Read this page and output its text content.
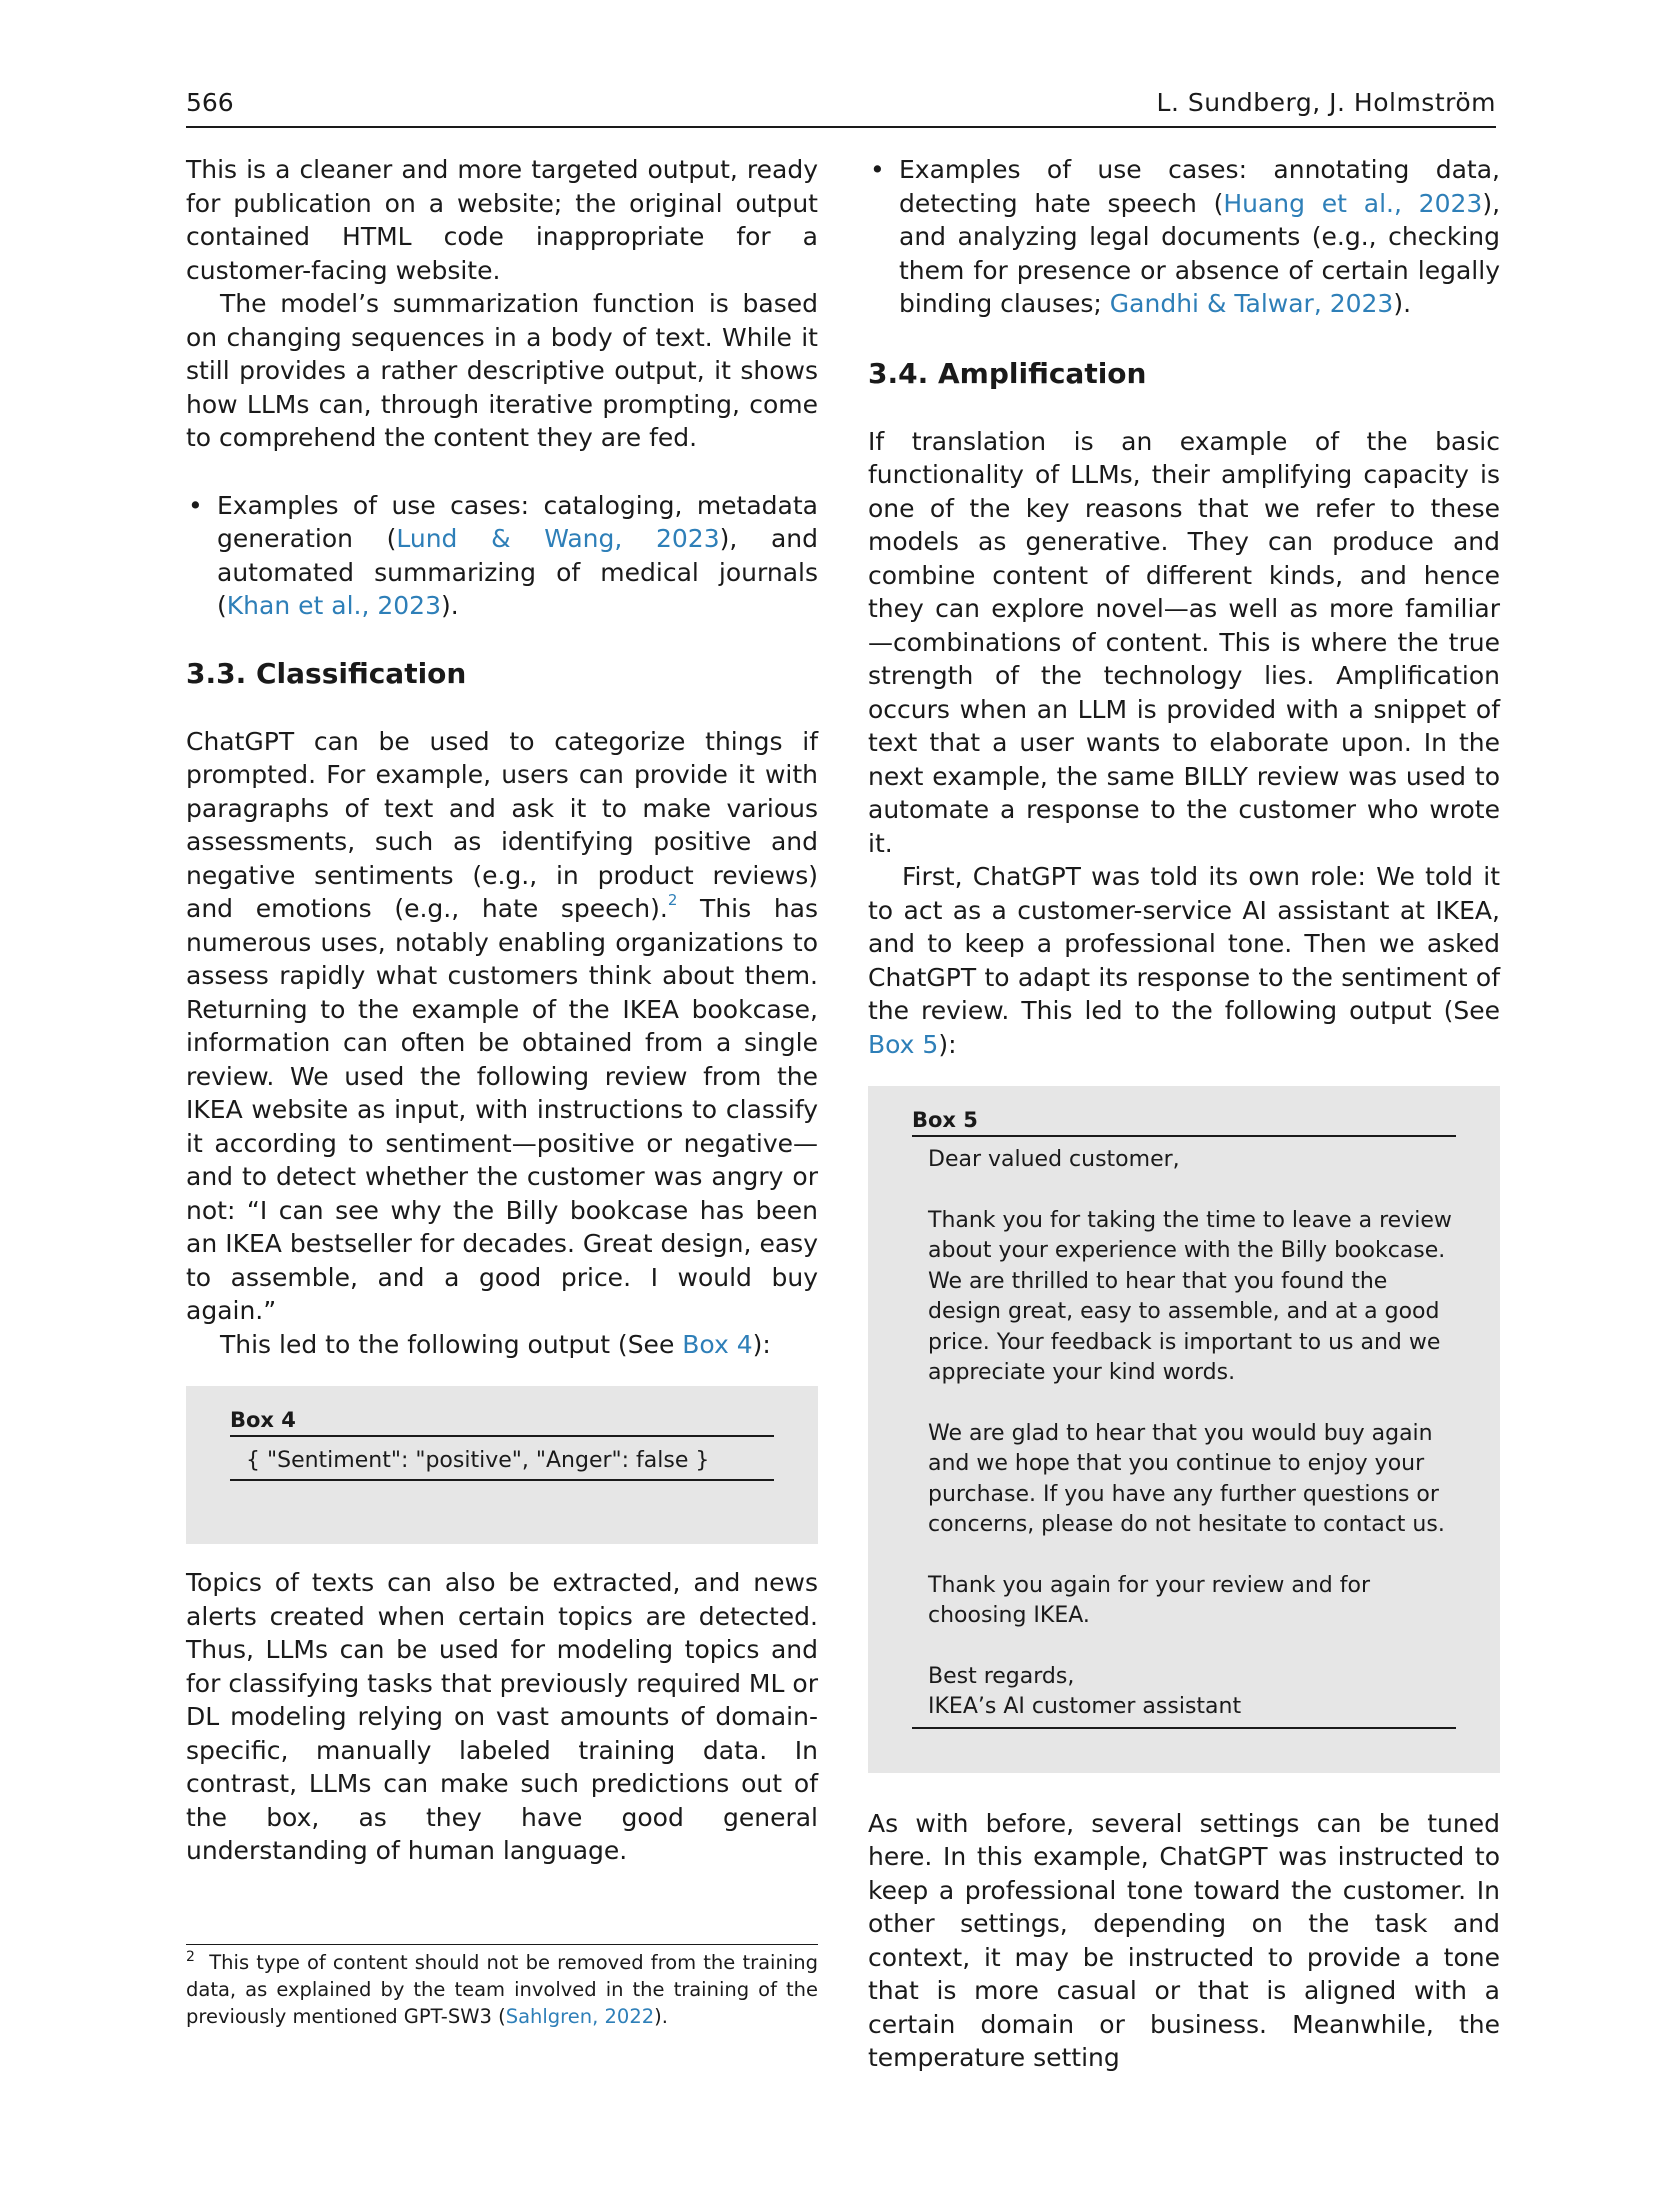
566	L. Sundberg, J. Holmström

This is a cleaner and more targeted output, ready for publication on a website; the original output contained HTML code inappropriate for a customer-facing website.

The model’s summarization function is based on changing sequences in a body of text. While it still provides a rather descriptive output, it shows how LLMs can, through iterative prompting, come to comprehend the content they are fed.

• Examples of use cases: cataloging, metadata generation (Lund & Wang, 2023), and automated summarizing of medical journals (Khan et al., 2023).

3.3. Classification

ChatGPT can be used to categorize things if prompted. For example, users can provide it with paragraphs of text and ask it to make various assessments, such as identifying positive and negative sentiments (e.g., in product reviews) and emotions (e.g., hate speech).$^2$ This has numerous uses, notably enabling organizations to assess rapidly what customers think about them. Returning to the example of the IKEA bookcase, information can often be obtained from a single review. We used the following review from the IKEA website as input, with instructions to classify it according to sentiment—positive or negative—and to detect whether the customer was angry or not: “I can see why the Billy bookcase has been an IKEA bestseller for decades. Great design, easy to assemble, and a good price. I would buy again.”

This led to the following output (See Box 4):

Box 4
{ "Sentiment": "positive", "Anger": false }

Topics of texts can also be extracted, and news alerts created when certain topics are detected. Thus, LLMs can be used for modeling topics and for classifying tasks that previously required ML or DL modeling relying on vast amounts of domain-specific, manually labeled training data. In contrast, LLMs can make such predictions out of the box, as they have good general understanding of human language.

$^2$ This type of content should not be removed from the training data, as explained by the team involved in the training of the previously mentioned GPT-SW3 (Sahlgren, 2022).

• Examples of use cases: annotating data, detecting hate speech (Huang et al., 2023), and analyzing legal documents (e.g., checking them for presence or absence of certain legally binding clauses; Gandhi & Talwar, 2023).

3.4. Amplification

If translation is an example of the basic functionality of LLMs, their amplifying capacity is one of the key reasons that we refer to these models as generative. They can produce and combine content of different kinds, and hence they can explore novel—as well as more familiar—combinations of content. This is where the true strength of the technology lies. Amplification occurs when an LLM is provided with a snippet of text that a user wants to elaborate upon. In the next example, the same BILLY review was used to automate a response to the customer who wrote it.

First, ChatGPT was told its own role: We told it to act as a customer-service AI assistant at IKEA, and to keep a professional tone. Then we asked ChatGPT to adapt its response to the sentiment of the review. This led to the following output (See Box 5):

Box 5
Dear valued customer,
Thank you for taking the time to leave a review about your experience with the Billy bookcase. We are thrilled to hear that you found the design great, easy to assemble, and at a good price. Your feedback is important to us and we appreciate your kind words.
We are glad to hear that you would buy again and we hope that you continue to enjoy your purchase. If you have any further questions or concerns, please do not hesitate to contact us.
Thank you again for your review and for choosing IKEA.
Best regards,
IKEA’s AI customer assistant

As with before, several settings can be tuned here. In this example, ChatGPT was instructed to keep a professional tone toward the customer. In other settings, depending on the task and context, it may be instructed to provide a tone that is more casual or that is aligned with a certain domain or business. Meanwhile, the temperature setting
